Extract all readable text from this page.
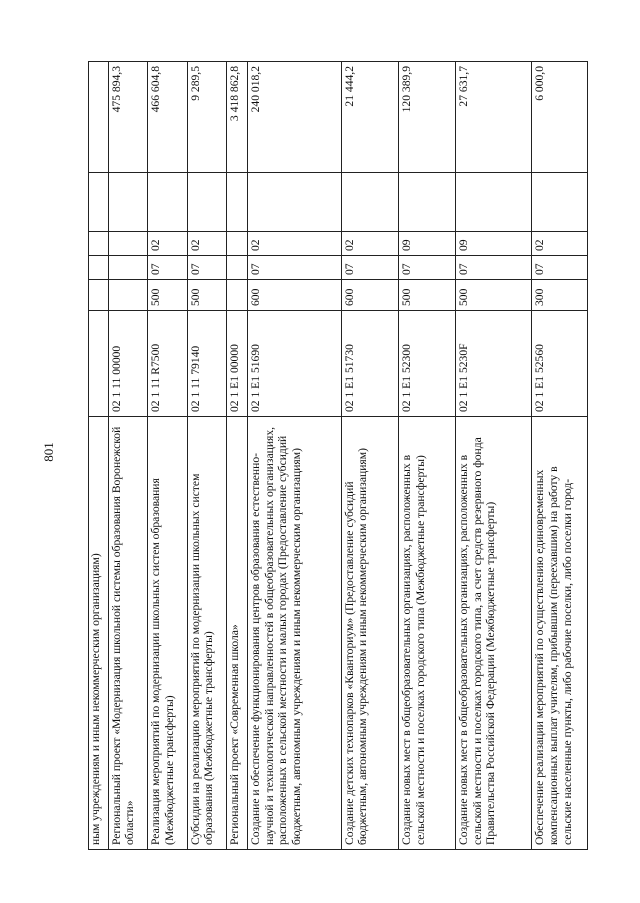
801
ным учреждениям и иным некоммерческим организациям)						
Региональный проект «Модернизация школьной системы образования Воронежской области»	02 1 11 00000					475 894,3
Реализация мероприятий по модернизации школьных систем образования (Межбюджетные трансферты)	02 1 11 R7500	500	07	02		466 604,8
Субсидии на реализацию мероприятий по модернизации школьных систем образования (Межбюджетные трансферты)	02 1 11 79140	500	07	02		9 289,5
Региональный проект «Современная школа»	02 1 E1 00000					3 418 862,8
Создание и обеспечение функционирования центров образования естественно-научной и технологической направленностей в общеобразовательных организациях, расположенных в сельской местности и малых городах (Предоставление субсидий бюджетным, автономным учреждениям и иным некоммерческим организациям)	02 1 E1 51690	600	07	02		240 018,2
Создание детских технопарков «Кванториум» (Предоставление субсидий бюджетным, автономным учреждениям и иным некоммерческим организациям)	02 1 E1 51730	600	07	02		21 444,2
Создание новых мест в общеобразовательных организациях, расположенных в сельской местности и поселках городского типа (Межбюджетные трансферты)	02 1 E1 52300	500	07	09		120 389,9
Создание новых мест в общеобразовательных организациях, расположенных в сельской местности и поселках городского типа, за счет средств резервного фонда Правительства Российской Федерации (Межбюджетные трансферты)	02 1 E1 5230F	500	07	09		27 631,7
Обеспечение реализации мероприятий по осуществлению единовременных компенсационных выплат учителям, прибывшим (переехавшим) на работу в сельские населенные пункты, либо рабочие поселки, либо поселки город-	02 1 E1 52560	300	07	02		6 000,0
